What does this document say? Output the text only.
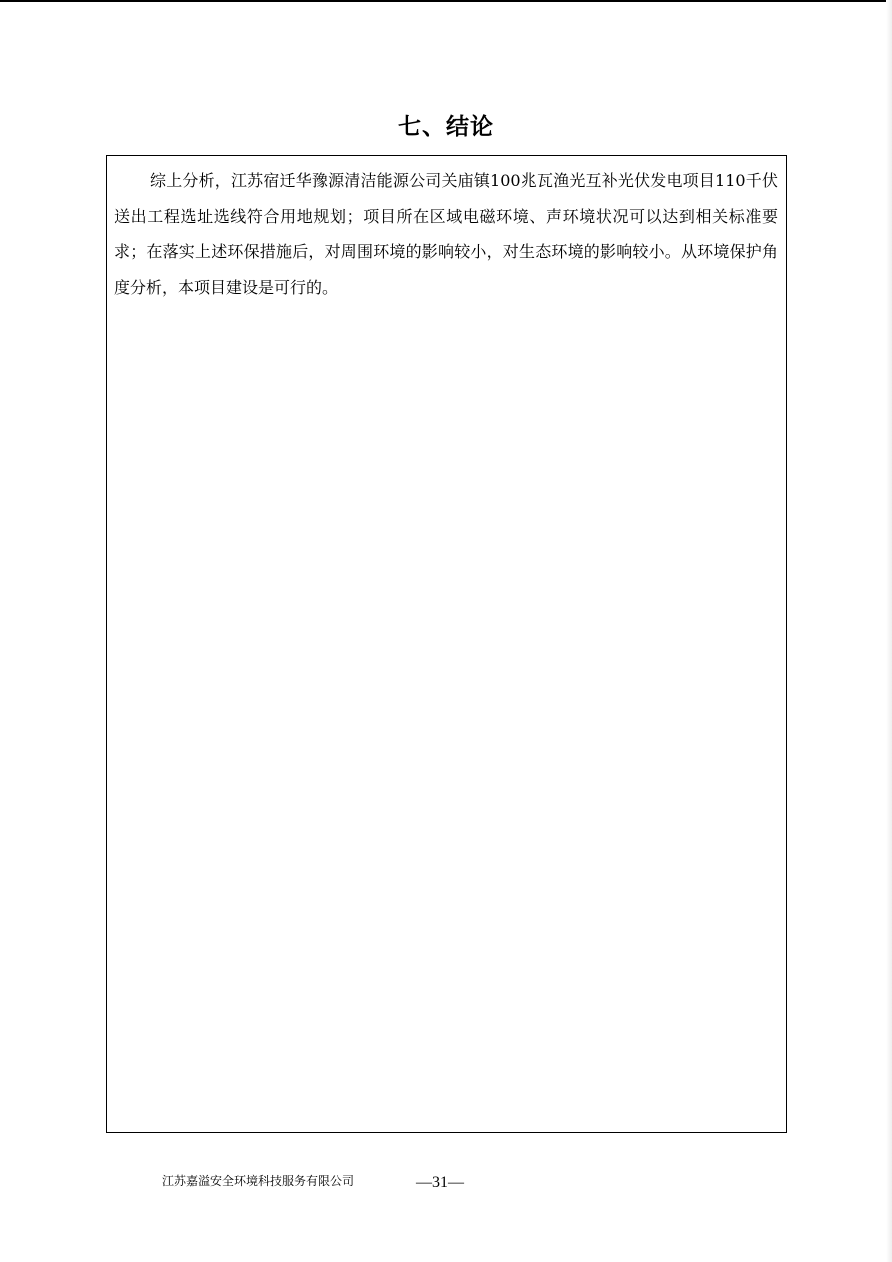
七、结论

综上分析，江苏宿迁华豫源清洁能源公司关庙镇100兆瓦渔光互补光伏发电项目110千伏送出工程选址选线符合用地规划；项目所在区域电磁环境、声环境状况可以达到相关标准要求；在落实上述环保措施后，对周围环境的影响较小，对生态环境的影响较小。从环境保护角度分析，本项目建设是可行的。

江苏嘉溢安全环境科技服务有限公司	—31—
